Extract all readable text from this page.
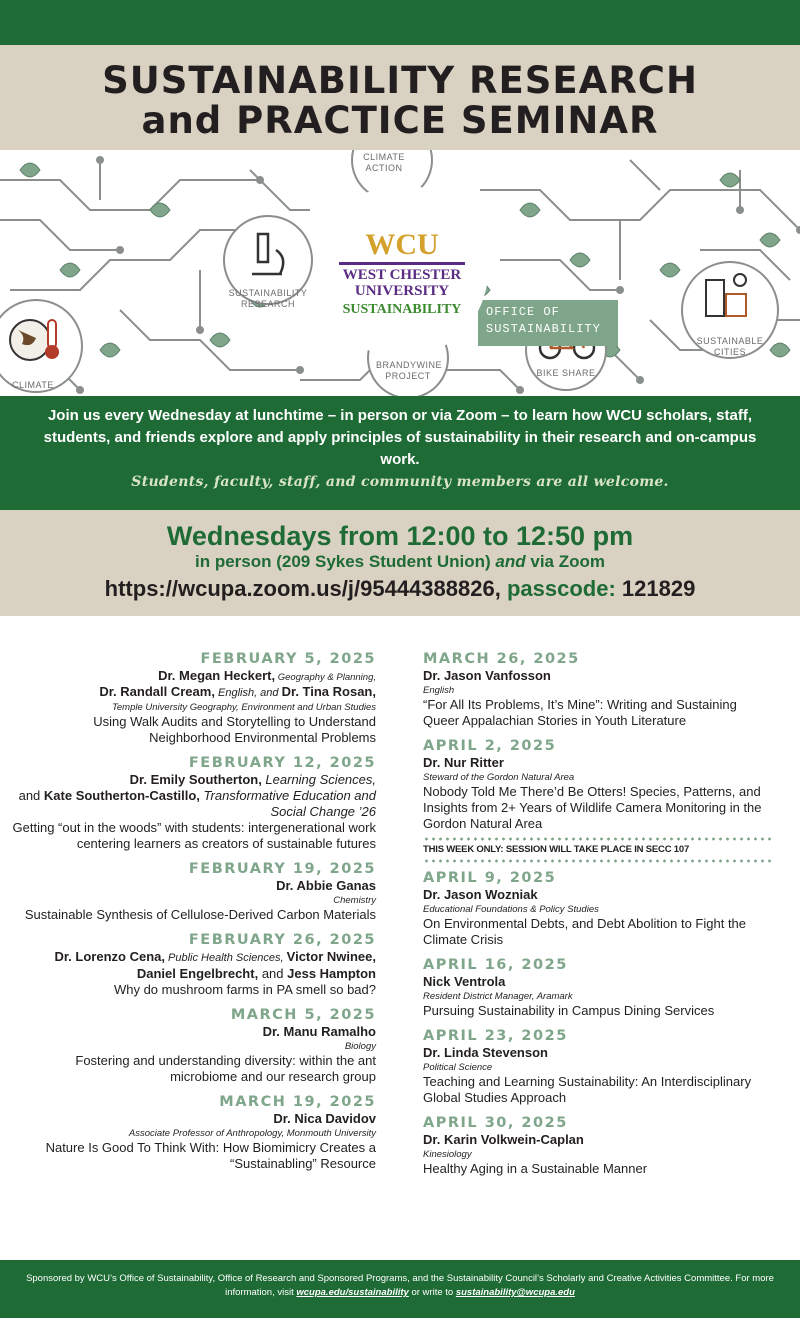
SUSTAINABILITY RESEARCH
and PRACTICE SEMINAR
OFFICE OF SUSTAINABILITY
CLIMATE ACTION
SUSTAINABILITY RESEARCH
CLIMATE
BRANDYWINE PROJECT	BIKE SHARE
SUSTAINABLE CITIES
WCU
WEST CHESTER
UNIVERSITY
SUSTAINABILITY
Join us every Wednesday at lunchtime – in person or via Zoom – to learn how WCU scholars, staff, students, and friends explore and apply principles of sustainability in their research and on-campus work.
Students, faculty, staff, and community members are all welcome.
Wednesdays from 12:00 to 12:50 pm
in person (209 Sykes Student Union) and via Zoom
https://wcupa.zoom.us/j/95444388826, passcode: 121829
FEBRUARY 5, 2025
Dr. Megan Heckert, Geography & Planning,
Dr. Randall Cream, English, and Dr. Tina Rosan,
Temple University Geography, Environment and Urban Studies
Using Walk Audits and Storytelling to Understand Neighborhood Environmental Problems
FEBRUARY 12, 2025
Dr. Emily Southerton, Learning Sciences,
and Kate Southerton-Castillo, Transformative Education and Social Change ’26
Getting “out in the woods” with students: intergenerational work centering learners as creators of sustainable futures
FEBRUARY 19, 2025
Dr. Abbie Ganas
Chemistry
Sustainable Synthesis of Cellulose-Derived Carbon Materials
FEBRUARY 26, 2025
Dr. Lorenzo Cena, Public Health Sciences, Victor Nwinee,
Daniel Engelbrecht, and Jess Hampton
Why do mushroom farms in PA smell so bad?
MARCH 5, 2025
Dr. Manu Ramalho
Biology
Fostering and understanding diversity: within the ant microbiome and our research group
MARCH 19, 2025
Dr. Nica Davidov
Associate Professor of Anthropology, Monmouth University
Nature Is Good To Think With: How Biomimicry Creates a “Sustainabling” Resource
MARCH 26, 2025
Dr. Jason Vanfosson
English
“For All Its Problems, It’s Mine”: Writing and Sustaining Queer Appalachian Stories in Youth Literature
APRIL 2, 2025
Dr. Nur Ritter
Steward of the Gordon Natural Area
Nobody Told Me There’d Be Otters! Species, Patterns, and Insights from 2+ Years of Wildlife Camera Monitoring in the Gordon Natural Area
THIS WEEK ONLY: SESSION WILL TAKE PLACE IN SECC 107
APRIL 9, 2025
Dr. Jason Wozniak
Educational Foundations & Policy Studies
On Environmental Debts, and Debt Abolition to Fight the Climate Crisis
APRIL 16, 2025
Nick Ventrola
Resident District Manager, Aramark
Pursuing Sustainability in Campus Dining Services
APRIL 23, 2025
Dr. Linda Stevenson
Political Science
Teaching and Learning Sustainability: An Interdisciplinary Global Studies Approach
APRIL 30, 2025
Dr. Karin Volkwein-Caplan
Kinesiology
Healthy Aging in a Sustainable Manner
Sponsored by WCU’s Office of Sustainability, Office of Research and Sponsored Programs, and the Sustainability Council’s Scholarly and Creative Activities Committee. For more information, visit wcupa.edu/sustainability or write to sustainability@wcupa.edu
